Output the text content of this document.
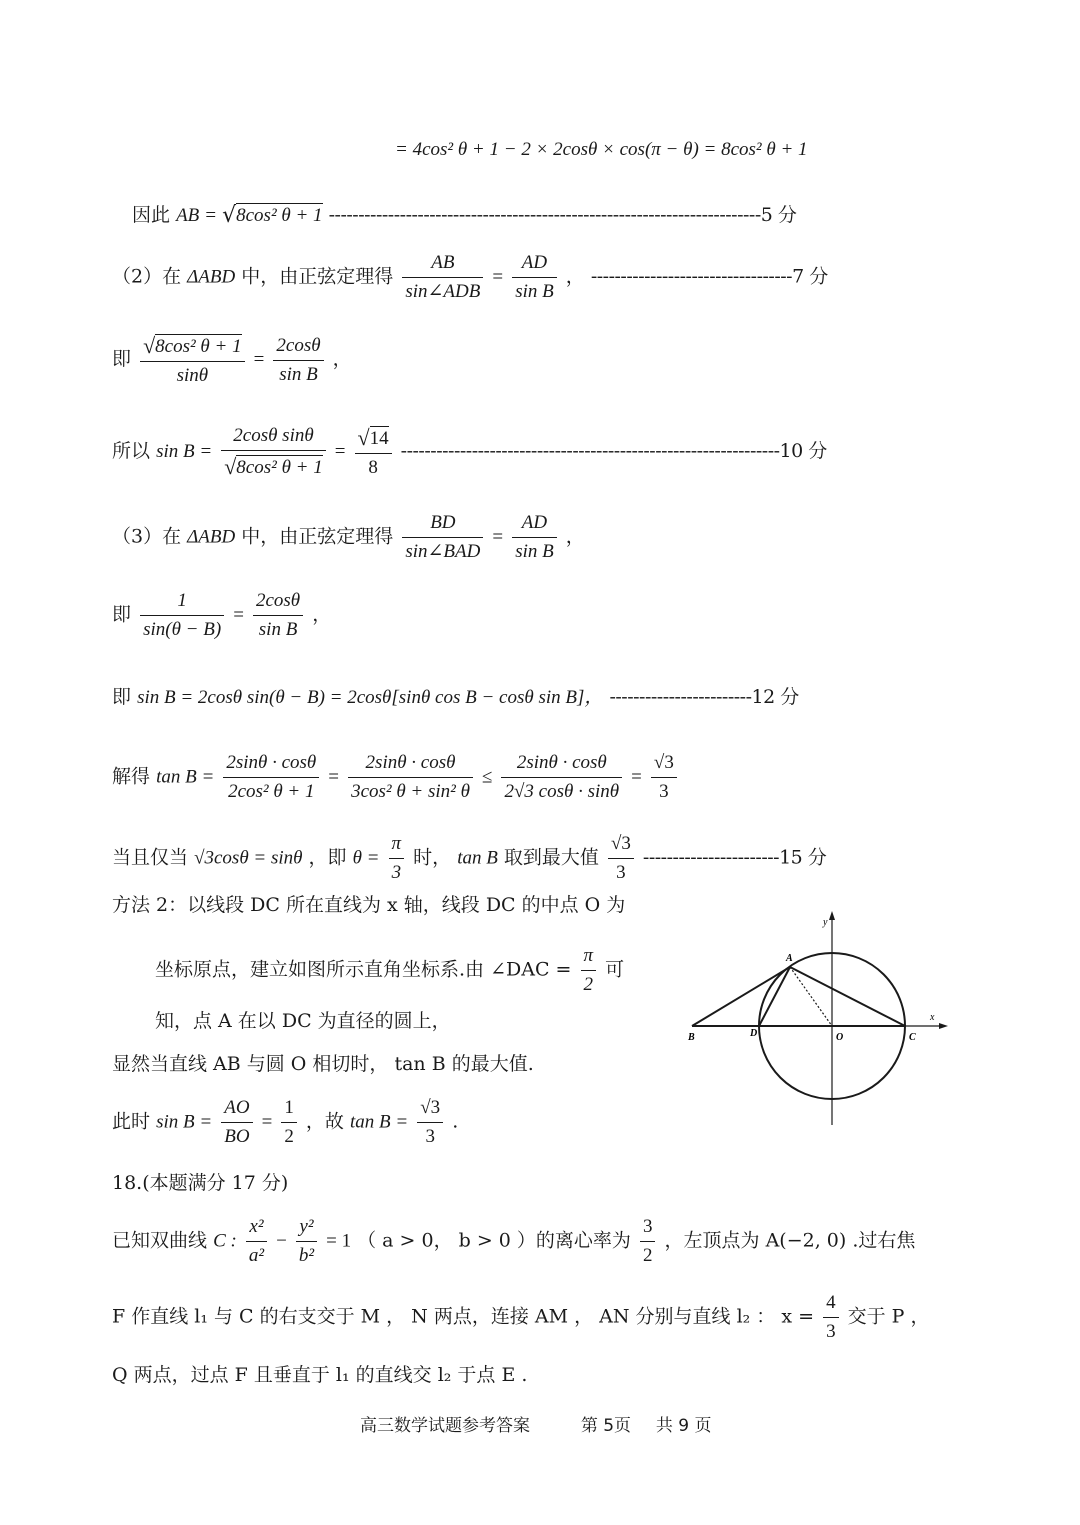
= 4cos² θ + 1 − 2 × 2cosθ × cos(π − θ) = 8cos² θ + 1
因此 AB = √8cos² θ + 1 -------------------------------------------------------------------------5 分
（2）在 ΔABD 中，由正弦定理得 $\frac{AB}{\text{sin∠ADB}} = \frac{AD}{\text{sin B}}$ ， ----------------------------------7 分
即 $\frac{\text{√8cos² θ + 1}}{\sin\theta} = \frac{2\cos\theta}{\text{sin B}}$ ，
所以 $\sin B = \frac{\text{2cosθ sinθ}}{\text{√8cos² θ + 1}} = \frac{√14}{8} ----------------------------------------------------------------10$ 分
（3）在 ΔABD 中，由正弦定理得 $\frac{BD}{\text{sin∠BAD}} = \frac{AD}{\text{sin B}}$ ，
即 $\frac{1}{\sin(\theta - B)} = \frac{2\cos\theta}{\text{sin B}}$ ，
即 sin B = 2cosθ sin(θ − B) = 2cosθ[sinθ cos B − cosθ sin B]， ------------------------12 分
解得 $\tan B = \frac{2\sin\theta \cdot \cos\theta}{\text{2cos² θ + 1}} = \frac{2\sin\theta \cdot \cos\theta}{\text{3cos² θ + sin² θ}} \le \frac{2\sin\theta \cdot \cos\theta}{2√3 \cos\theta \cdot \sin\theta} = \frac{√3}{3}$
当且仅当 √3cosθ = sinθ ，即 $\theta = \frac{\pi}{3}$ 时， tan B 取到最大值 $\frac{√3}{3} -----------------------15$ 分
方法 2：以线段 DC 所在直线为 x 轴，线段 DC 的中点 O 为
坐标原点，建立如图所示直角坐标系.由 ∠DAC = $\frac{\pi}{2}$ 可
知，点 A 在以 DC 为直径的圆上，
显然当直线 AB 与圆 O 相切时， tan B 的最大值.
此时 $\sin B = \frac{AO}{BO} = \frac{1}{2}$ ，故 $\tan B = \frac{√3}{3}$ .
18.(本题满分 17 分)
已知双曲线 C : $\frac{\text{x²}}{\text{a²}} - \frac{\text{y²}}{\text{b²}} = 1$ （ a > 0， b > 0 ）的离心率为 $\frac{3}{2}$ ，左顶点为 A(−2, 0) .过右焦
F 作直线 l₁ 与 C 的右支交于 M ， N 两点，连接 AM ， AN 分别与直线 l₂ ： $x = \frac{4}{3}$ 交于 P ，
Q 两点，过点 F 且垂直于 l₁ 的直线交 l₂ 于点 E .
高三数学试题参考答案	第 5页 共 9 页
y
x
A
B	D	O	C
